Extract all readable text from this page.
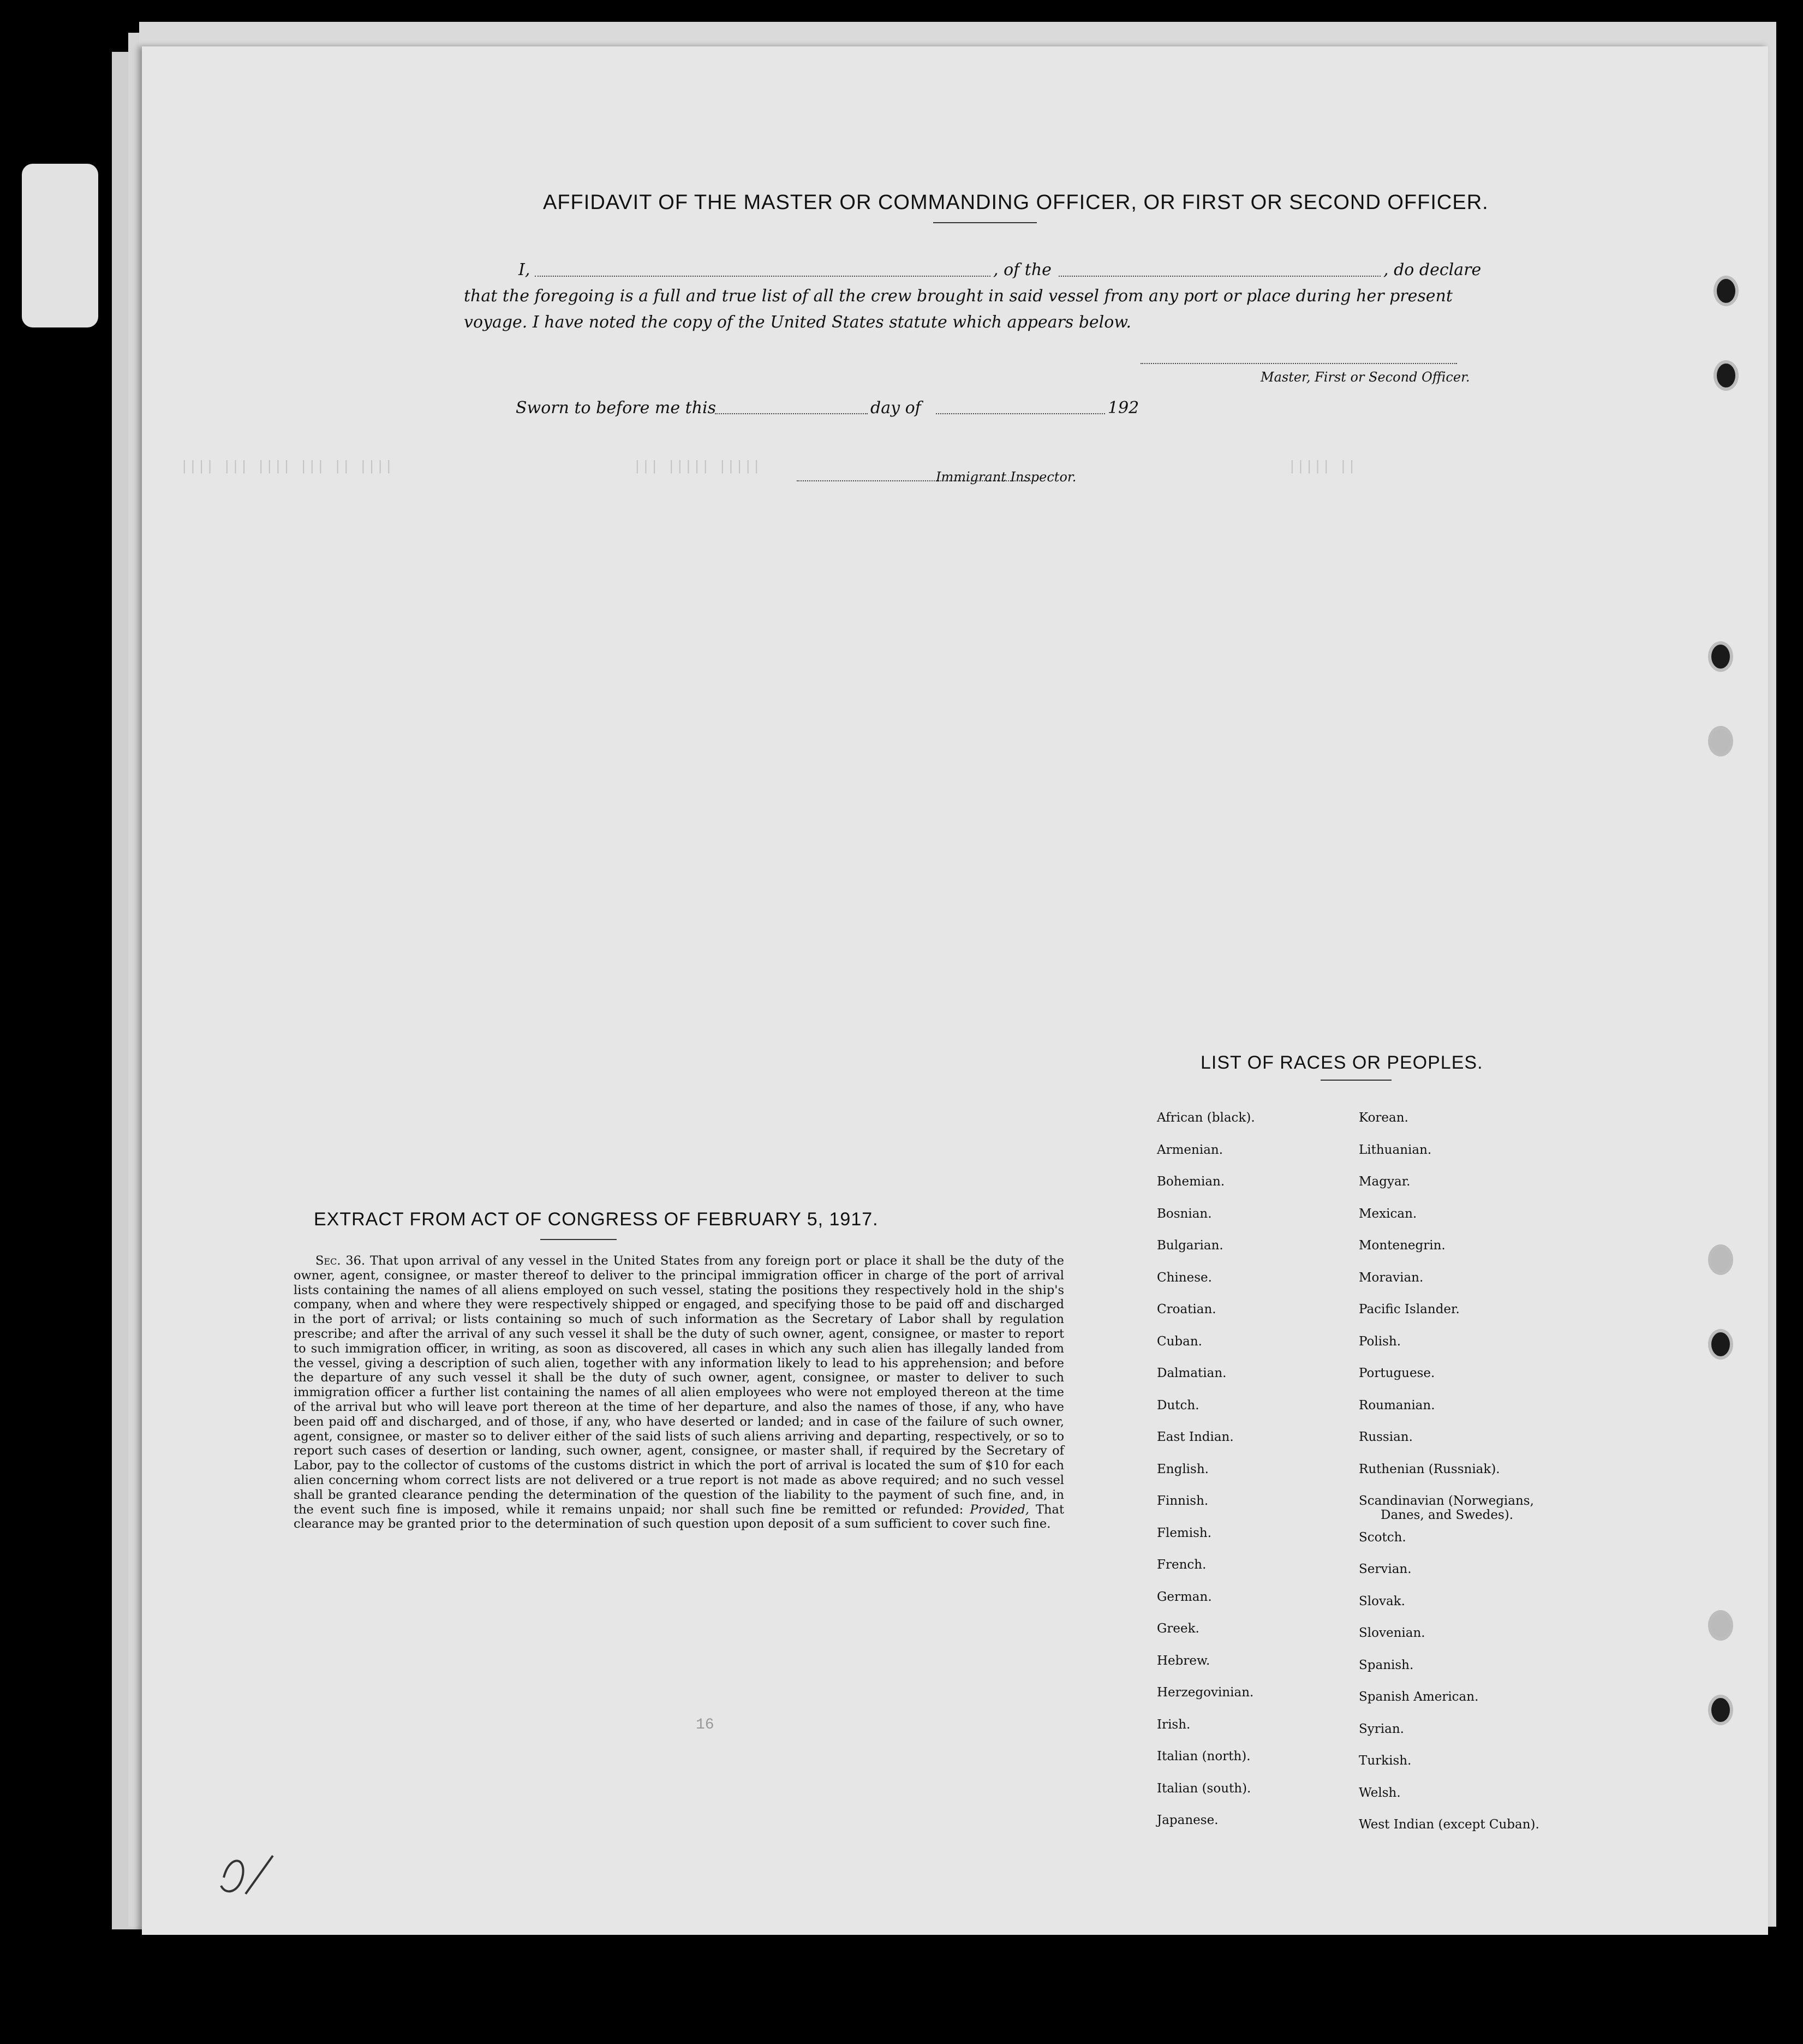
|||| ||| |||| ||| || ||||	||| ||||| |||||	||||| ||
AFFIDAVIT OF THE MASTER OR COMMANDING OFFICER, OR FIRST OR SECOND OFFICER.
I,	, of the	, do declare
that the foregoing is a full and true list of all the crew brought in said vessel from any port or place during her present
voyage. I have noted the copy of the United States statute which appears below.
Master, First or Second Officer.
Sworn to before me this	day of	192
Immigrant Inspector.
EXTRACT FROM ACT OF CONGRESS OF FEBRUARY 5, 1917.
Sec. 36. That upon arrival of any vessel in the United States from any foreign port or place it shall be the duty of the owner, agent, consignee, or master thereof to deliver to the principal immigration officer in charge of the port of arrival lists containing the names of all aliens employed on such vessel, stating the positions they respectively hold in the ship's company, when and where they were respectively shipped or engaged, and specifying those to be paid off and discharged in the port of arrival; or lists containing so much of such information as the Secretary of Labor shall by regulation prescribe; and after the arrival of any such vessel it shall be the duty of such owner, agent, consignee, or master to report to such immigration officer, in writing, as soon as discovered, all cases in which any such alien has illegally landed from the vessel, giving a description of such alien, together with any information likely to lead to his apprehension; and before the departure of any such vessel it shall be the duty of such owner, agent, consignee, or master to deliver to such immigration officer a further list containing the names of all alien employees who were not employed thereon at the time of the arrival but who will leave port thereon at the time of her departure, and also the names of those, if any, who have been paid off and discharged, and of those, if any, who have deserted or landed; and in case of the failure of such owner, agent, consignee, or master so to deliver either of the said lists of such aliens arriving and departing, respectively, or so to report such cases of desertion or landing, such owner, agent, consignee, or master shall, if required by the Secretary of Labor, pay to the collector of customs of the customs district in which the port of arrival is located the sum of $10 for each alien concerning whom correct lists are not delivered or a true report is not made as above required; and no such vessel shall be granted clearance pending the determination of the question of the liability to the payment of such fine, and, in the event such fine is imposed, while it remains unpaid; nor shall such fine be remitted or refunded: Provided, That clearance may be granted prior to the determination of such question upon deposit of a sum sufficient to cover such fine.
16
LIST OF RACES OR PEOPLES.
African (black).
Armenian.
Bohemian.
Bosnian.
Bulgarian.
Chinese.
Croatian.
Cuban.
Dalmatian.
Dutch.
East Indian.
English.
Finnish.
Flemish.
French.
German.
Greek.
Hebrew.
Herzegovinian.
Irish.
Italian (north).
Italian (south).
Japanese.
Korean.
Lithuanian.
Magyar.
Mexican.
Montenegrin.
Moravian.
Pacific Islander.
Polish.
Portuguese.
Roumanian.
Russian.
Ruthenian (Russniak).
Scandinavian (Norwegians,
Danes, and Swedes).
Scotch.
Servian.
Slovak.
Slovenian.
Spanish.
Spanish American.
Syrian.
Turkish.
Welsh.
West Indian (except Cuban).
